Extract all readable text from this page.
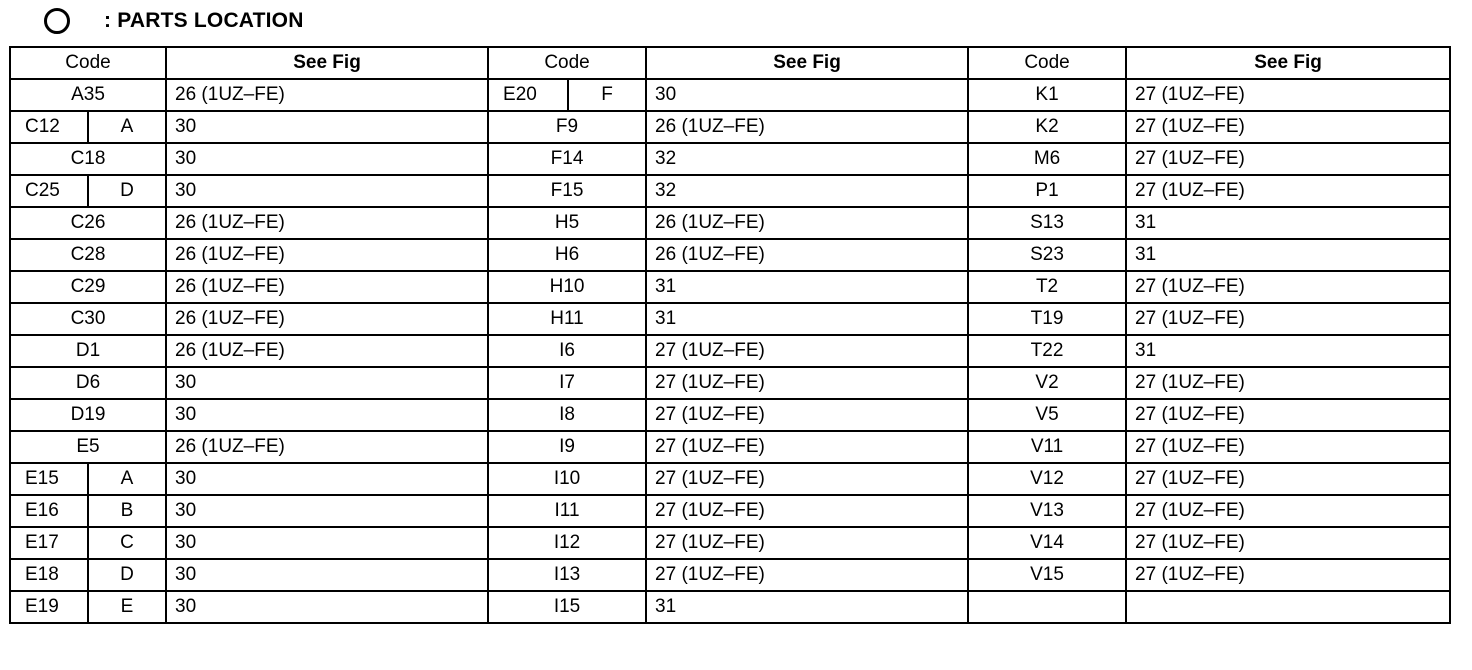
: PARTS LOCATION
Code		See Fig	Code		See Fig	Code	See Fig
A35		26 (1UZ–FE)	E20	F	30	K1	27 (1UZ–FE)
C12	A	30	F9		26 (1UZ–FE)	K2	27 (1UZ–FE)
C18		30	F14		32	M6	27 (1UZ–FE)
C25	D	30	F15		32	P1	27 (1UZ–FE)
C26		26 (1UZ–FE)	H5		26 (1UZ–FE)	S13	31
C28		26 (1UZ–FE)	H6		26 (1UZ–FE)	S23	31
C29		26 (1UZ–FE)	H10		31	T2	27 (1UZ–FE)
C30		26 (1UZ–FE)	H11		31	T19	27 (1UZ–FE)
D1		26 (1UZ–FE)	I6		27 (1UZ–FE)	T22	31
D6		30	I7		27 (1UZ–FE)	V2	27 (1UZ–FE)
D19		30	I8		27 (1UZ–FE)	V5	27 (1UZ–FE)
E5		26 (1UZ–FE)	I9		27 (1UZ–FE)	V11	27 (1UZ–FE)
E15	A	30	I10		27 (1UZ–FE)	V12	27 (1UZ–FE)
E16	B	30	I11		27 (1UZ–FE)	V13	27 (1UZ–FE)
E17	C	30	I12		27 (1UZ–FE)	V14	27 (1UZ–FE)
E18	D	30	I13		27 (1UZ–FE)	V15	27 (1UZ–FE)
E19	E	30	I15		31		
